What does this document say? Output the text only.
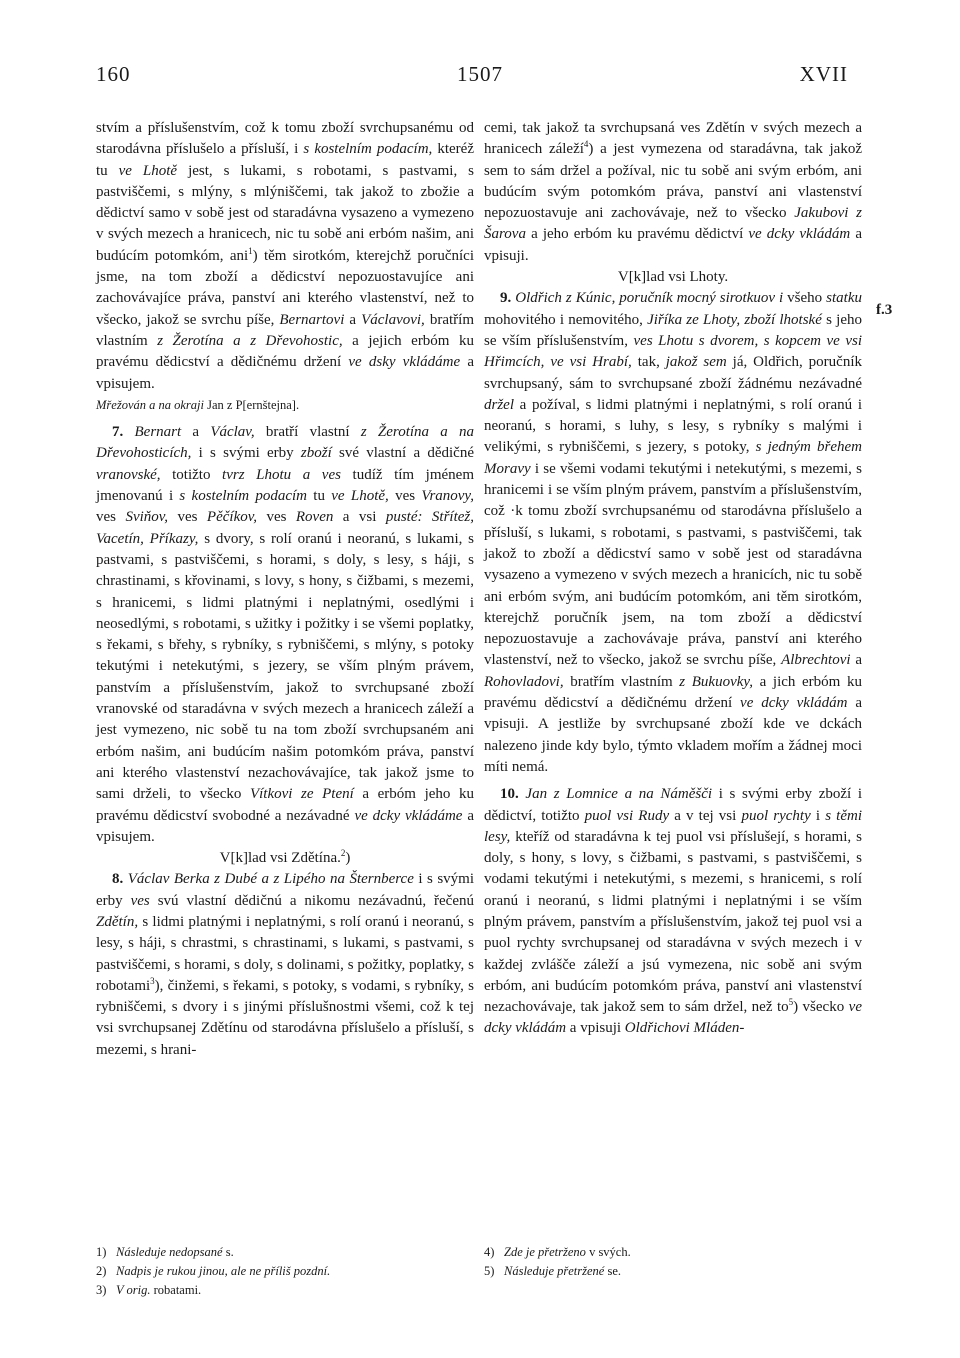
160	1507	XVII

stvím a příslušenstvím, což k tomu zboží svrchupsanému od starodávna příslušelo a přísluší, i s kostelním podacím, kteréž tu ve Lhotě jest, s lukami, s robotami, s pastvami, s pastviščemi, s mlýny, s mlýniščemi, tak jakož to zbožie a dědictví samo v sobě jest od staradávna vysazeno a vymezeno v svých mezech a hranicech, nic tu sobě ani erbóm našim, ani budúcím potomkóm, ani$^1$) těm sirotkóm, kterejchž poručníci jsme, na tom zboží a dědicství nepozuostavujíce ani zachovávajíce práva, panství ani kterého vlastenství, než to všecko, jakož se svrchu píše, Bernartovi a Václavovi, bratřím vlastním z Žerotína a z Dřevohostic, a jejich erbóm ku pravému dědicství a dědičnému držení ve dsky vkládáme a vpisujem.

Mřežován a na okraji Jan z P[ernštejna].

7. Bernart a Václav, bratří vlastní z Žerotína a na Dřevohosticích, i s svými erby zboží své vlastní a dědičné vranovské, totižto tvrz Lhotu a ves tudíž tím jménem jmenovanú i s kostelním podacím tu ve Lhotě, ves Vranovy, ves Sviňov, ves Pěčíkov, ves Roven a vsi pusté: Střítež, Vacetín, Příkazy, s dvory, s rolí oranú i neoranú, s lukami, s pastvami, s pastviščemi, s horami, s doly, s lesy, s háji, s chrastinami, s křovinami, s lovy, s hony, s čižbami, s mezemi, s hranicemi, s lidmi platnými i neplatnými, osedlými i neosedlými, s robotami, s užitky i požitky i se všemi poplatky, s řekami, s břehy, s rybníky, s rybniščemi, s mlýny, s potoky tekutými i netekutými, s jezery, se vším plným právem, panstvím a příslušenstvím, jakož to svrchupsané zboží vranovské od staradávna v svých mezech a hranicech záleží a jest vymezeno, nic sobě tu na tom zboží svrchupsaném ani erbóm našim, ani budúcím našim potomkóm práva, panství ani kterého vlastenství nezachovávajíce, tak jakož jsme to sami drželi, to všecko Vítkovi ze Ptení a erbóm jeho ku pravému dědicství svobodné a nezávadné ve dcky vkládáme a vpisujem.

V[k]lad vsi Zdětína.$^2$)

8. Václav Berka z Dubé a z Lipého na Šternberce i s svými erby ves svú vlastní dědičnú a nikomu nezávadnú, řečenú Zdětín, s lidmi platnými i neplatnými, s rolí oranú i neoranú, s lesy, s háji, s chrastmi, s chrastinami, s lukami, s pastvami, s pastviščemi, s horami, s doly, s dolinami, s požitky, poplatky, s robotami$^3$), činžemi, s řekami, s potoky, s vodami, s rybníky, s rybniščemi, s dvory i s jinými příslušnostmi všemi, což k tej vsi svrchupsanej Zdětínu od starodávna příslušelo a přísluší, s mezemi, s hrani-

cemi, tak jakož ta svrchupsaná ves Zdětín v svých mezech a hranicech záleží$^4$) a jest vymezena od staradávna, tak jakož sem to sám držel a požíval, nic tu sobě ani svým erbóm, ani budúcím svým potomkóm práva, panství ani vlastenství nepozuostavuje ani zachovávaje, než to všecko Jakubovi z Šarova a jeho erbóm ku pravému dědictví ve dcky vkládám a vpisuji.

V[k]lad vsi Lhoty.

9. Oldřich z Kúnic, poručník mocný sirotkuov i všeho statku mohovitého i nemovitého, Jiříka ze Lhoty, zboží lhotské s jeho se vším příslušenstvím, ves Lhotu s dvorem, s kopcem ve vsi Hřimcích, ve vsi Hrabí, tak, jakož sem já, Oldřich, poručník svrchupsaný, sám to svrchupsané zboží žádnému nezávadné držel a požíval, s lidmi platnými i neplatnými, s rolí oranú i neoranú, s horami, s luhy, s lesy, s rybníky s malými i velikými, s rybniščemi, s jezery, s potoky, s jedným břehem Moravy i se všemi vodami tekutými i netekutými, s mezemi, s hranicemi i se vším plným právem, panstvím a příslušenstvím, což ·k tomu zboží svrchupsanému od starodávna příslušelo a přísluší, s lukami, s robotami, s pastvami, s pastviščemi, tak jakož to zboží a dědicství samo v sobě jest od staradávna vysazeno a vymezeno v svých mezech a hranicích, nic tu sobě ani erbóm svým, ani budúcím potomkóm, ani těm sirotkóm, kterejchž poručník jsem, na tom zboží a dědicství nepozuostavuje a zachovávaje práva, panství ani kterého vlastenství, než to všecko, jakož se svrchu píše, Albrechtovi a Rohovladovi, bratřím vlastním z Bukuovky, a jich erbóm ku pravému dědicství a dědičnému držení ve dcky vkládám a vpisuji. A jestliže by svrchupsané zboží kde ve dckách nalezeno jinde kdy bylo, týmto vkladem mořím a žádnej moci míti nemá.

10. Jan z Lomnice a na Náměšči i s svými erby zboží i dědictví, totižto puol vsi Rudy a v tej vsi puol rychty i s těmi lesy, kteříž od staradávna k tej puol vsi příslušejí, s horami, s doly, s hony, s lovy, s čižbami, s pastvami, s pastviščemi, s vodami tekutými i netekutými, s mezemi, s hranicemi, s rolí oranú i neoranú, s lidmi platnými i neplatnými i se vším plným právem, panstvím a příslušenstvím, jakož tej puol vsi a puol rychty svrchupsanej od staradávna v svých mezech i v každej zvlášče záleží a jsú vymezena, nic sobě ani svým erbóm, ani budúcím potomkóm práva, panství ani vlastenství nezachovávaje, tak jakož sem to sám držel, než $to^5$) všecko ve dcky vkládám a vpisuji Oldřichovi Mláden-

f.3

1) Následuje nedopsané s.

2) Nadpis je rukou jinou, ale ne příliš pozdní.

3) V orig. robatami.

4) Zde je přetrženo v svých.

5) Následuje přetržené se.
